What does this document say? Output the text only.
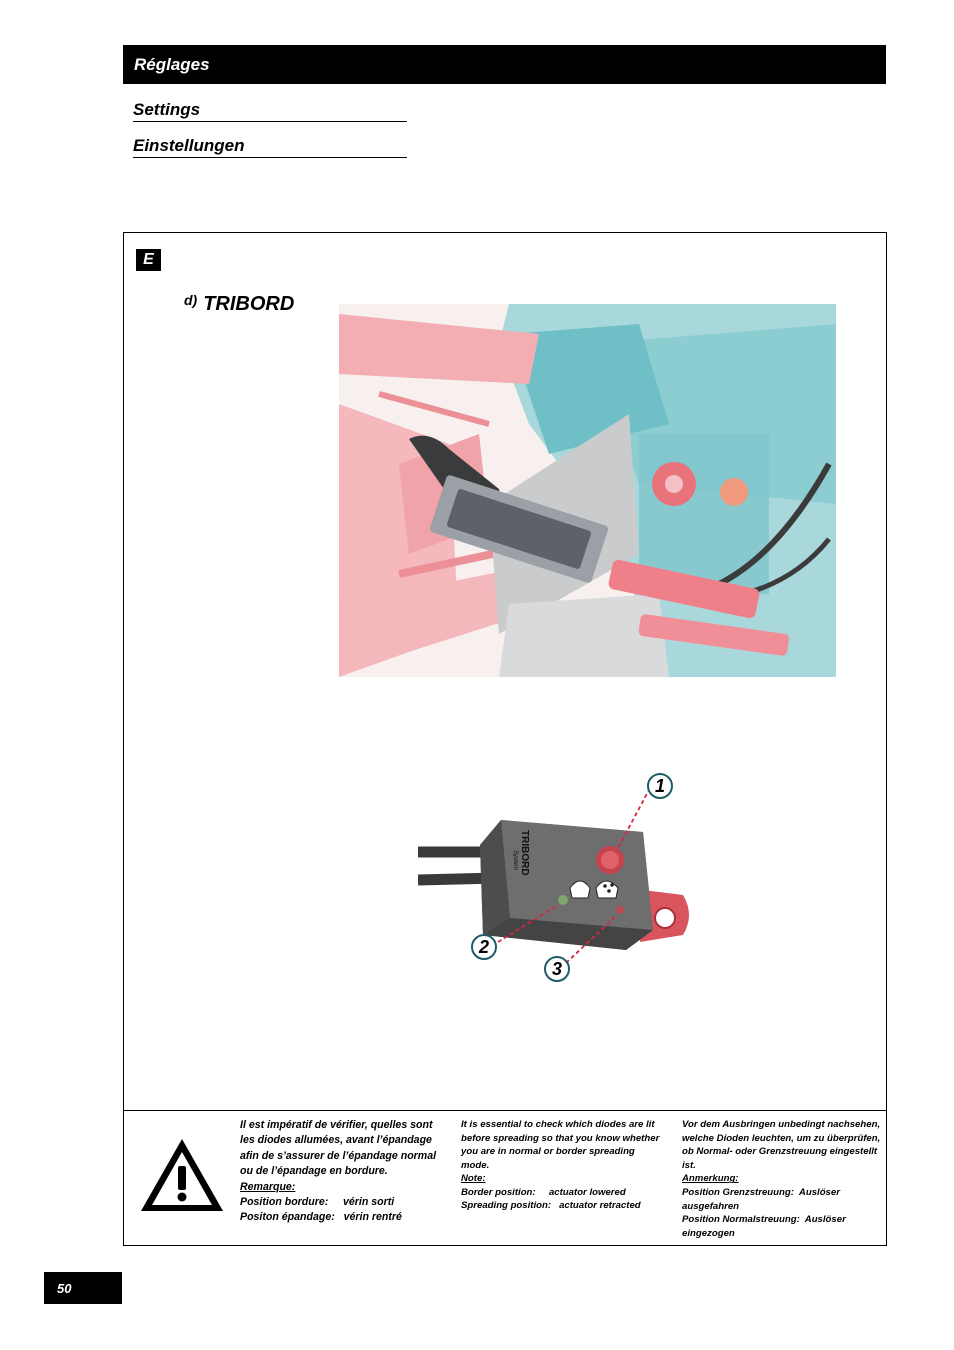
Réglages
Settings
Einstellungen
E
d) TRIBORD
TRIBORD
System
1
2
3

Il est impératif de vérifier, quelles sont les diodes allumées, avant l’épandage afin de s’assurer de l’épandage normal ou de l’épandage en bordure.

Remarque:

Position bordure:     vérin sorti

Positon épandage:   vérin rentré

It is essential to check which diodes are lit before spreading so that you know whether you are in normal or border spreading mode.

Note:

Border position:     actuator lowered

Spreading position:   actuator retracted

Vor dem Ausbringen unbedingt nachsehen, welche Dioden leuchten, um zu überprüfen, ob Normal- oder Grenzstreuung eingestellt ist.

Anmerkung:

Position Grenzstreuung:  Auslöser ausgefahren

Position Normalstreuung:  Auslöser eingezogen

50
